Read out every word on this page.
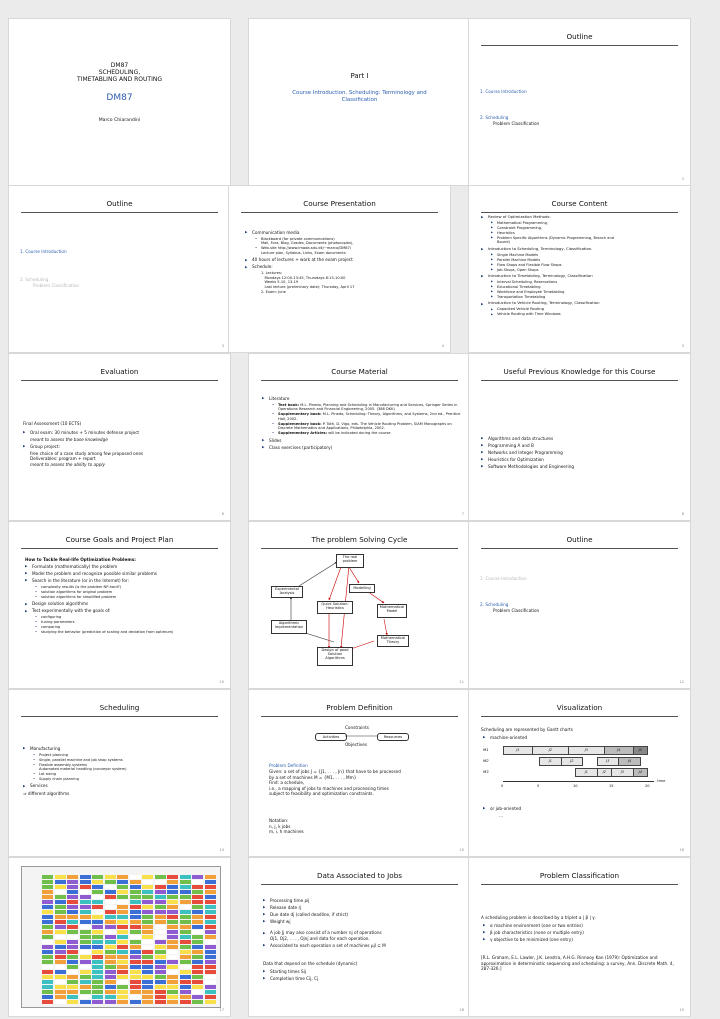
DM87
SCHEDULING,
TIMETABLING AND ROUTING
DM87
Marco Chiarandini
Part I
Course Introduction. Scheduling: Terminology and Classification
Outline
1. Course Introduction
2. Scheduling
Problem Classification
2
Outline
1. Course Introduction
2. Scheduling
Problem Classification
3
Course Presentation
▶ Communication media
• Blackboard (for private communications)
Mail, Fora, Blog, Grades, Documents (photocopies),
• Web-site http://www.imada.sdu.dk/~marco/DM87/
Lecture plan, Syllabus, Links, Exam documents
▶ 40 hours of lectures + work at the exam project
▶ Schedule:
1. Lectures:
Mondays 12:00-13:45, Thursdays 8:15-10:00
Weeks 5-10, 13-19
Last lecture (preliminary date): Thursday, April 17
2. Exam: June
4
Course Content
▶ Review of Optimization Methods:
▶ Mathematical Programming,
▶ Constraint Programming,
▶ Heuristics
▶ Problem Specific Algorithms (Dynamic Programming, Branch and
Bound)
▶ Introduction to Scheduling, Terminology, Classification.
▶ Single Machine Models
▶ Parallel Machine Models
▶ Flow Shops and Flexible Flow Shops
▶ Job Shops, Open Shops
▶ Introduction to Timetabling, Terminology, Classification
▶ Interval Scheduling, Reservations
▶ Educational Timetabling
▶ Workforce and Employee Timetabling
▶ Transportation Timetabling
▶ Introduction to Vehicle Routing, Terminology, Classification
▶ Capacited Vehicle Routing
▶ Vehicle Routing with Time Windows
5
Evaluation
Final Assessment (10 ECTS)
▶ Oral exam: 30 minutes + 5 minutes defense project
meant to assess the base knowledge
▶ Group project:
free choice of a case study among few proposed ones
Deliverables: program + report
meant to assess the ability to apply
6
Course Material
▶ Literature
• Text book: M.L. Pinedo, Planning and Scheduling in Manufacturing and Services, Springer Series in Operations Research and Financial Engineering, 2005. (388 DKK)
• Supplementary book: M.L. Pinedo, Scheduling: Theory, Algorithms, and Systems, 2nd ed., Prentice Hall, 2002.
• Supplementary book: P. Toth, D. Vigo, eds. The Vehicle Routing Problem, SIAM Monographs on Discrete Mathematics and Applications, Philadelphia, 2002.
• Supplementary Articles: will be indicated during the course
▶ Slides
▶ Class exercises (participatory)
7
Useful Previous Knowledge for this Course
▶ Algorithms and data structures
▶ Programming A and B
▶ Networks and Integer Programming
▶ Heuristics for Optimization
▶ Software Methodologies and Engineering
8
Course Goals and Project Plan
How to Tackle Real-life Optimization Problems:
▶ Formulate (mathematically) the problem
▶ Model the problem and recognize possible similar problems
▶ Search in the literature (or in the Internet) for:
• complexity results (is the problem NP-hard?)
• solution algorithms for original problem
• solution algorithms for simplified problem
▶ Design solution algorithms
▶ Test experimentally with the goals of:
• configuring
• tuning parameters
• comparing
• studying the behavior (prediction of scaling and deviation from optimum)
10
The problem Solving Cycle
The real problem
Modelling
Experimental Analysis
Mathematical Model
Quick Solution: Heuristics
Algorithmic Implementation
Mathematical Theory
Design of good Solution Algorithms
11
Outline
1. Course Introduction
2. Scheduling
Problem Classification
12
Scheduling
▶ Manufacturing
• Project planning
• Single, parallel machine and job shop systems
• Flexible assembly systems
Automated material handling (conveyor system)
• Lot sizing
• Supply chain planning
▶ Services
⇒ different algorithms
14
Problem Definition
Constraints
Activities	Resources
Objectives
Problem Definition
Given: a set of jobs J = {J1, . . . , Jn} that have to be processed
by a set of machines M = {M1, . . . , Mm}
Find: a schedule,
i.e., a mapping of jobs to machines and processing times
subject to feasibility and optimization constraints.
Notation:
n, j, k jobs
m, i, h machines
15
Visualization
Scheduling are represented by Gantt charts
▶ machine-oriented
M1	J1	J2	J3	J4	J5
M2	J1	J2	J3	J4
M3	J1	J2	J3	J4
0	5	10	15	20
time
▶ or job-oriented
...
16
17
Data Associated to Jobs
▶ Processing time pij
▶ Release date rj
▶ Due date dj (called deadline, if strict)
▶ Weight wj
▶ A job Jj may also consist of a number nj of operations
Oj1, Oj2, . . . , Ojnj and data for each operation.
▶ Associated to each operation a set of machines μjl ⊆ M
Data that depend on the schedule (dynamic)
▶ Starting times Sij
▶ Completion time Cij, Cj
18
Problem Classification
A scheduling problem is described by a triplet α | β | γ.
▶ α machine environment (one or two entries)
▶ β job characteristics (none or multiple entry)
▶ γ objective to be minimized (one entry)
[R.L. Graham, E.L. Lawler, J.K. Lenstra, A.H.G. Rinnooy Kan (1979): Optimization and approximation in deterministic sequencing and scheduling: a survey, Ann. Discrete Math. 4, 287-326.]
19
